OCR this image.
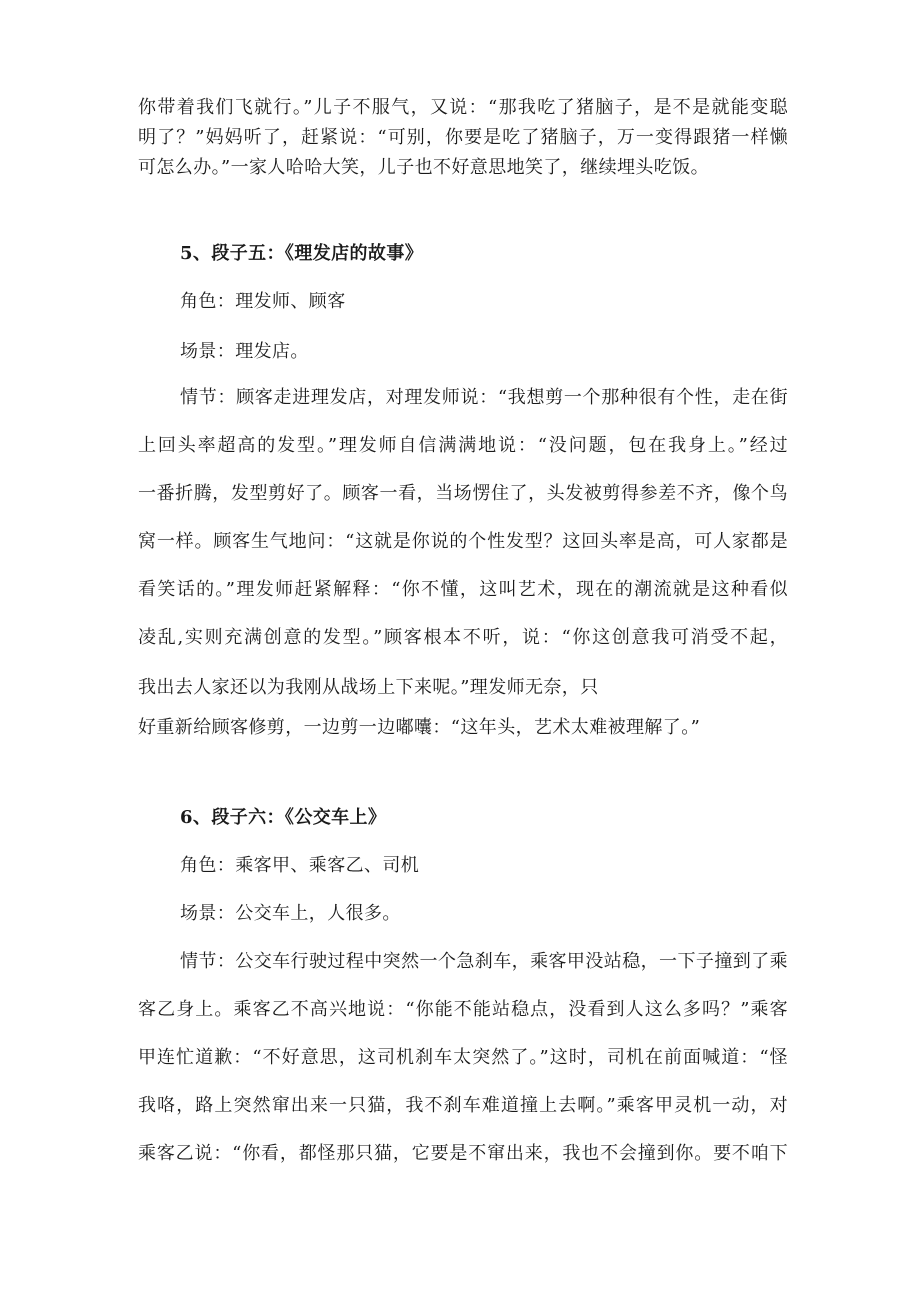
你带着我们飞就行。”儿子不服气，又说：“那我吃了猪脑子，是不是就能变聪
明了？”妈妈听了，赶紧说：“可别，你要是吃了猪脑子，万一变得跟猪一样懒
可怎么办。”一家人哈哈大笑，儿子也不好意思地笑了，继续埋头吃饭。
5、段子五：《理发店的故事》
角色：理发师、顾客
场景：理发店。
情节：顾客走进理发店，对理发师说：“我想剪一个那种很有个性，走在街
上回头率超高的发型。”理发师自信满满地说：“没问题，包在我身上。”经过
一番折腾，发型剪好了。顾客一看，当场愣住了，头发被剪得参差不齐，像个鸟
窝一样。顾客生气地问：“这就是你说的个性发型？这回头率是高，可人家都是
看笑话的。”理发师赶紧解释：“你不懂，这叫艺术，现在的潮流就是这种看似
凌乱,实则充满创意的发型。”顾客根本不听，说：“你这创意我可消受不起，
我出去人家还以为我刚从战场上下来呢。”理发师无奈，只
好重新给顾客修剪，一边剪一边嘟囔：“这年头，艺术太难被理解了。”
6、段子六：《公交车上》
角色：乘客甲、乘客乙、司机
场景：公交车上，人很多。
情节：公交车行驶过程中突然一个急刹车，乘客甲没站稳，一下子撞到了乘
客乙身上。乘客乙不高兴地说：“你能不能站稳点，没看到人这么多吗？”乘客
甲连忙道歉：“不好意思，这司机刹车太突然了。”这时，司机在前面喊道：“怪
我咯，路上突然窜出来一只猫，我不刹车难道撞上去啊。”乘客甲灵机一动，对
乘客乙说：“你看，都怪那只猫，它要是不窜出来，我也不会撞到你。要不咱下
